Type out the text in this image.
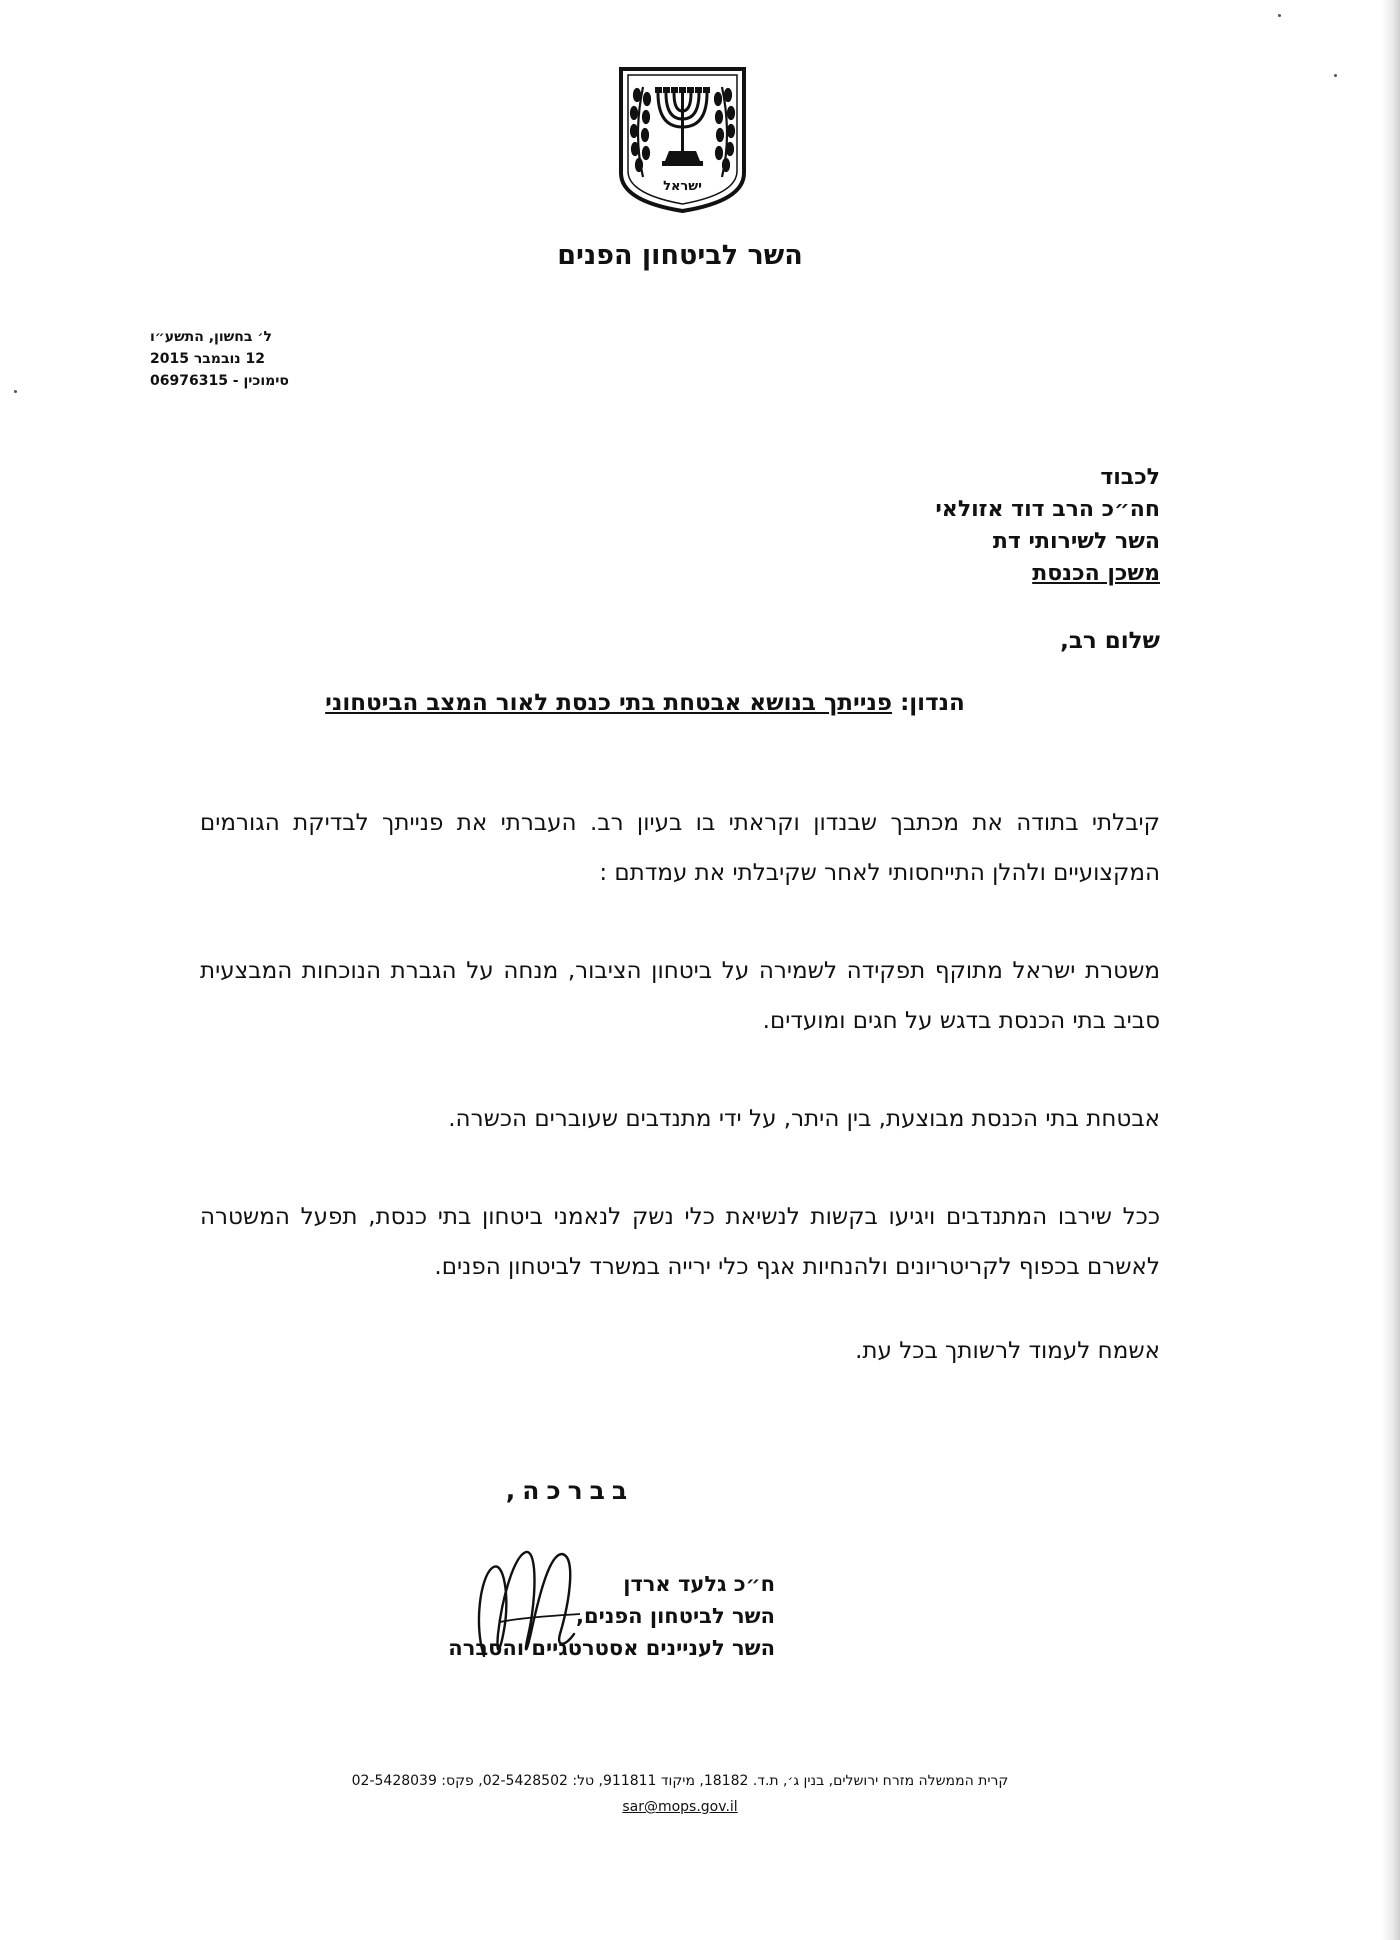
ישראל
השר לביטחון הפנים
ל׳ בחשון, התשע״ו
12 נובמבר 2015
סימוכין - 06976315
לכבוד
חה״כ הרב דוד אזולאי
השר לשירותי דת
משכן הכנסת
שלום רב,
הנדון: פנייתך בנושא אבטחת בתי כנסת לאור המצב הביטחוני

קיבלתי בתודה את מכתבך שבנדון וקראתי בו בעיון רב. העברתי את פנייתך לבדיקת הגורמים המקצועיים ולהלן התייחסותי לאחר שקיבלתי את עמדתם :

משטרת ישראל מתוקף תפקידה לשמירה על ביטחון הציבור, מנחה על הגברת הנוכחות המבצעית סביב בתי הכנסת בדגש על חגים ומועדים.

אבטחת בתי הכנסת מבוצעת, בין היתר, על ידי מתנדבים שעוברים הכשרה.

ככל שירבו המתנדבים ויגיעו בקשות לנשיאת כלי נשק לנאמני ביטחון בתי כנסת, תפעל המשטרה לאשרם בכפוף לקריטריונים ולהנחיות אגף כלי ירייה במשרד לביטחון הפנים.

אשמח לעמוד לרשותך בכל עת.

בברכה,
ח״כ גלעד ארדן
השר לביטחון הפנים,
השר לעניינים אסטרטגיים והסברה
קרית הממשלה מזרח ירושלים, בנין ג׳, ת.ד. 18182, מיקוד 911811, טל: 02-5428502, פקס: 02-5428039
sar@mops.gov.il
